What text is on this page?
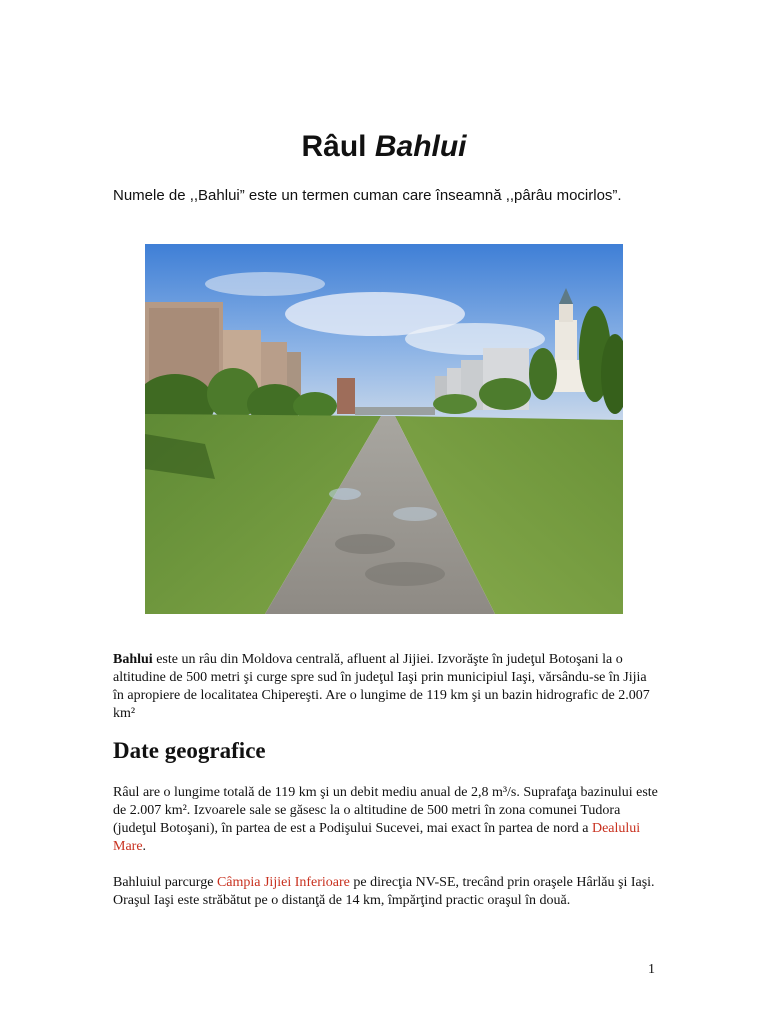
Râul Bahlui
Numele de ,,Bahlui” este un termen cuman care înseamnă ,,pârâu mocirlos”.
Bahlui este un râu din Moldova centrală, afluent al Jijiei. Izvorăşte în judeţul Botoşani la o altitudine de 500 metri şi curge spre sud în judeţul Iaşi prin municipiul Iaşi, vărsându-se în Jijia în apropiere de localitatea Chipereşti. Are o lungime de 119 km şi un bazin hidrografic de 2.007 km²
Date geografice
Râul are o lungime totală de 119 km şi un debit mediu anual de 2,8 m³/s. Suprafaţa bazinului este de 2.007 km². Izvoarele sale se găsesc la o altitudine de 500 metri în zona comunei Tudora (judeţul Botoşani), în partea de est a Podişului Sucevei, mai exact în partea de nord a Dealului Mare.
Bahluiul parcurge Câmpia Jijiei Inferioare pe direcţia NV-SE, trecând prin oraşele Hârlău şi Iaşi. Oraşul Iaşi este străbătut pe o distanţă de 14 km, împărţind practic oraşul în două.
1
